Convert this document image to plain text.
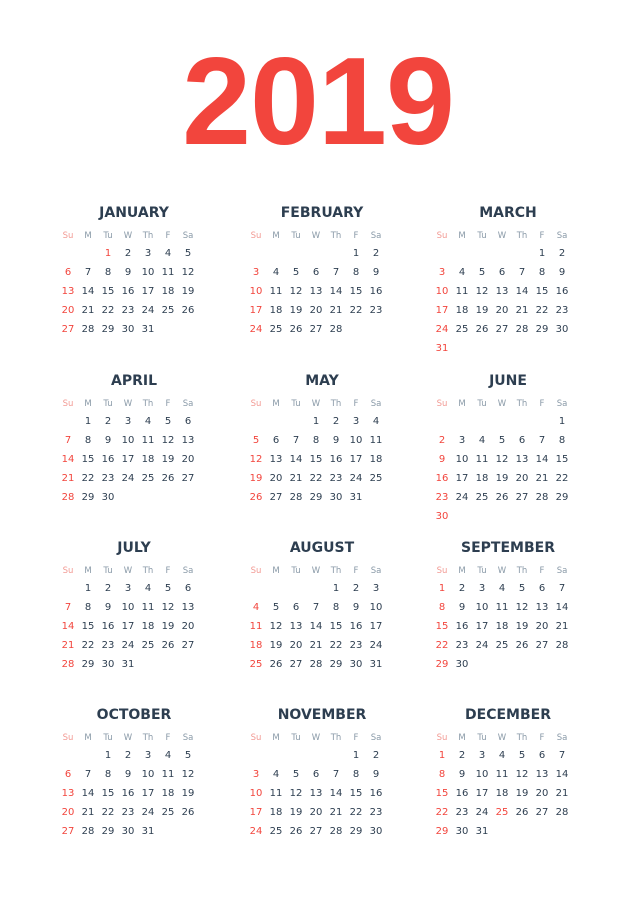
2019
JANUARY
Su	M	Tu	W	Th	F	Sa
		1	2	3	4	5
6	7	8	9	10	11	12
13	14	15	16	17	18	19
20	21	22	23	24	25	26
27	28	29	30	31		
FEBRUARY
Su	M	Tu	W	Th	F	Sa
					1	2
3	4	5	6	7	8	9
10	11	12	13	14	15	16
17	18	19	20	21	22	23
24	25	26	27	28		
MARCH
Su	M	Tu	W	Th	F	Sa
					1	2
3	4	5	6	7	8	9
10	11	12	13	14	15	16
17	18	19	20	21	22	23
24	25	26	27	28	29	30
31						
APRIL
Su	M	Tu	W	Th	F	Sa
	1	2	3	4	5	6
7	8	9	10	11	12	13
14	15	16	17	18	19	20
21	22	23	24	25	26	27
28	29	30				
MAY
Su	M	Tu	W	Th	F	Sa
			1	2	3	4
5	6	7	8	9	10	11
12	13	14	15	16	17	18
19	20	21	22	23	24	25
26	27	28	29	30	31	
JUNE
Su	M	Tu	W	Th	F	Sa
						1
2	3	4	5	6	7	8
9	10	11	12	13	14	15
16	17	18	19	20	21	22
23	24	25	26	27	28	29
30						
JULY
Su	M	Tu	W	Th	F	Sa
	1	2	3	4	5	6
7	8	9	10	11	12	13
14	15	16	17	18	19	20
21	22	23	24	25	26	27
28	29	30	31			
AUGUST
Su	M	Tu	W	Th	F	Sa
				1	2	3
4	5	6	7	8	9	10
11	12	13	14	15	16	17
18	19	20	21	22	23	24
25	26	27	28	29	30	31
SEPTEMBER
Su	M	Tu	W	Th	F	Sa
1	2	3	4	5	6	7
8	9	10	11	12	13	14
15	16	17	18	19	20	21
22	23	24	25	26	27	28
29	30					
OCTOBER
Su	M	Tu	W	Th	F	Sa
		1	2	3	4	5
6	7	8	9	10	11	12
13	14	15	16	17	18	19
20	21	22	23	24	25	26
27	28	29	30	31		
NOVEMBER
Su	M	Tu	W	Th	F	Sa
					1	2
3	4	5	6	7	8	9
10	11	12	13	14	15	16
17	18	19	20	21	22	23
24	25	26	27	28	29	30
DECEMBER
Su	M	Tu	W	Th	F	Sa
1	2	3	4	5	6	7
8	9	10	11	12	13	14
15	16	17	18	19	20	21
22	23	24	25	26	27	28
29	30	31				
